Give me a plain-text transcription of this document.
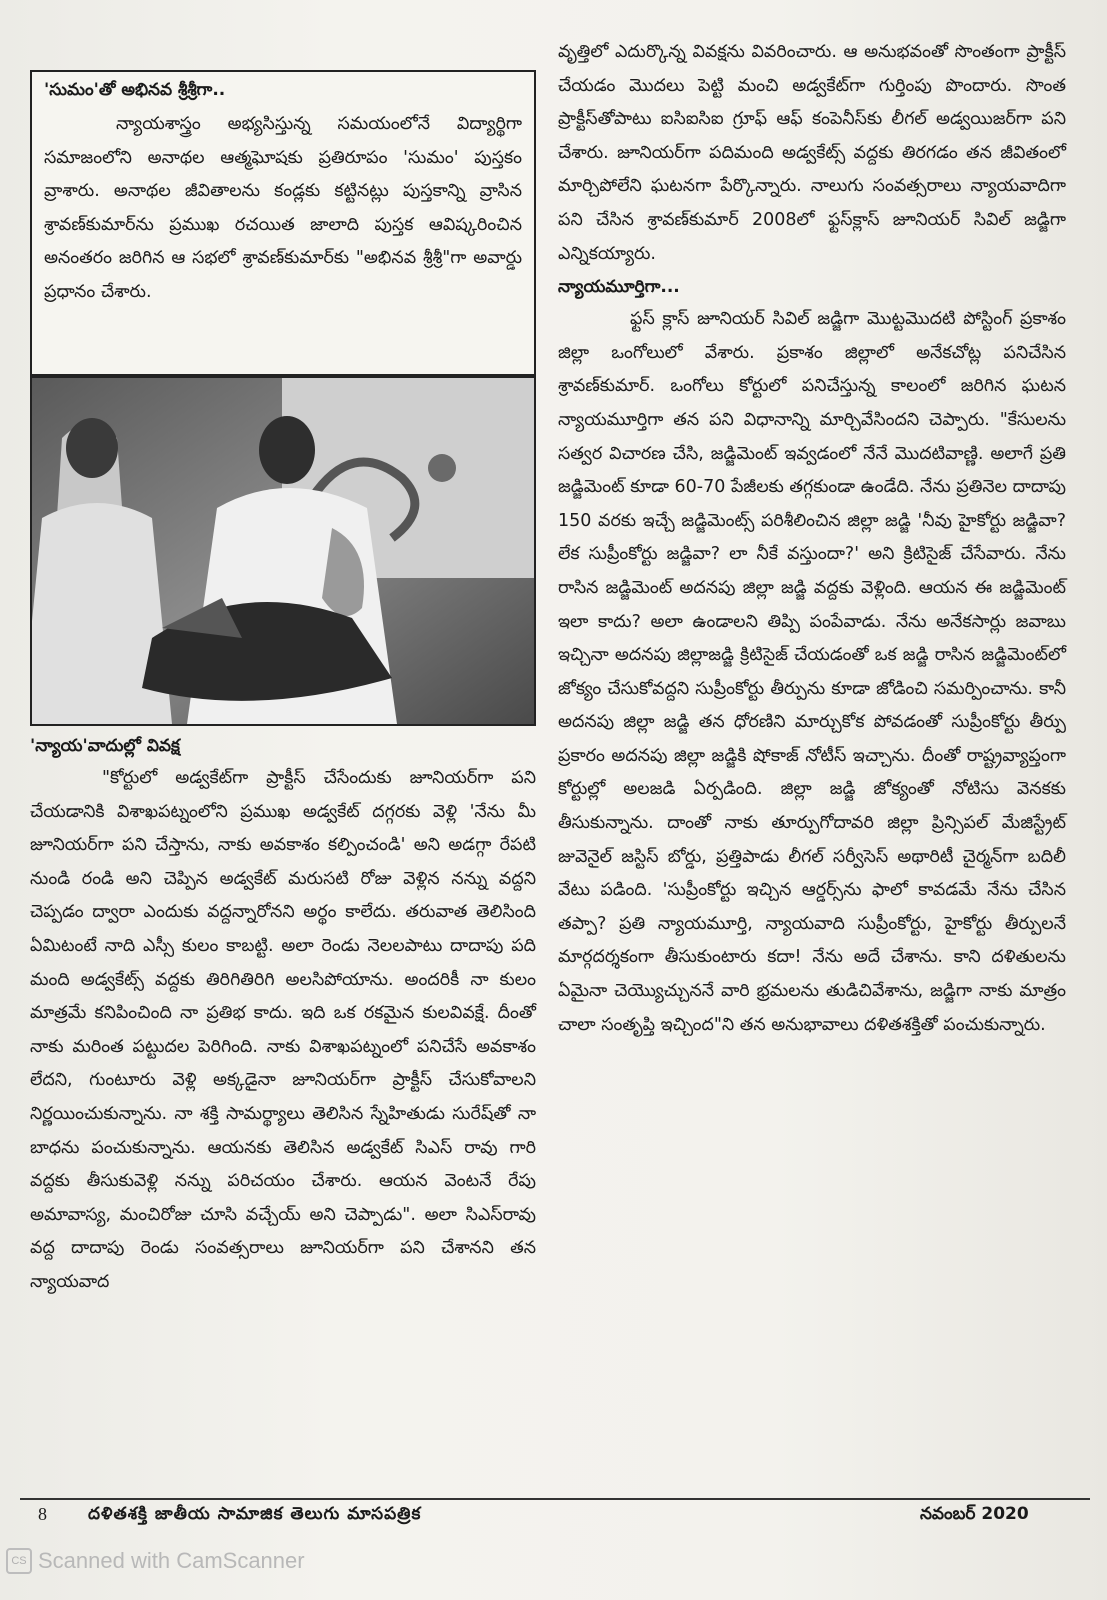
'సుమం'తో అభినవ శ్రీశ్రీగా..

న్యాయశాస్త్రం అభ్యసిస్తున్న సమయంలోనే విద్యార్థిగా సమాజంలోని అనాథల ఆత్మఘోషకు ప్రతిరూపం 'సుమం' పుస్తకం వ్రాశారు. అనాథల జీవితాలను కండ్లకు కట్టినట్లు పుస్తకాన్ని వ్రాసిన శ్రావణ్‌కుమార్‌ను ప్రముఖ రచయిత జాలాది పుస్తక ఆవిష్కరించిన అనంతరం జరిగిన ఆ సభలో శ్రావణ్‌కుమార్‌కు "అభినవ శ్రీశ్రీ"గా అవార్డు ప్రధానం చేశారు.

'న్యాయ'వాదుల్లో వివక్ష

"కోర్టులో అడ్వకేట్‌గా ప్రాక్టీస్ చేసేందుకు జూనియర్‌గా పని చేయడానికి విశాఖపట్నంలోని ప్రముఖ అడ్వకేట్ దగ్గరకు వెళ్లి 'నేను మీ జూనియర్‌గా పని చేస్తాను, నాకు అవకాశం కల్పించండి' అని అడగ్గా రేపటి నుండి రండి అని చెప్పిన అడ్వకేట్ మరుసటి రోజు వెళ్లిన నన్ను వద్దని చెప్పడం ద్వారా ఎందుకు వద్దన్నారోనని అర్థం కాలేదు. తరువాత తెలిసింది ఏమిటంటే నాది ఎస్సీ కులం కాబట్టి. అలా రెండు నెలలపాటు దాదాపు పది మంది అడ్వకేట్స్ వద్దకు తిరిగితిరిగి అలసిపోయాను. అందరికీ నా కులం మాత్రమే కనిపించింది నా ప్రతిభ కాదు. ఇది ఒక రకమైన కులవివక్షే. దీంతో నాకు మరింత పట్టుదల పెరిగింది. నాకు విశాఖపట్నంలో పనిచేసే అవకాశం లేదని, గుంటూరు వెళ్లి అక్కడైనా జూనియర్‌గా ప్రాక్టీస్ చేసుకోవాలని నిర్ణయించుకున్నాను. నా శక్తి సామర్థ్యాలు తెలిసిన స్నేహితుడు సురేష్‌తో నా బాధను పంచుకున్నాను. ఆయనకు తెలిసిన అడ్వకేట్ సిఎస్ రావు గారి వద్దకు తీసుకువెళ్లి నన్ను పరిచయం చేశారు. ఆయన వెంటనే రేపు అమావాస్య, మంచిరోజు చూసి వచ్చేయ్ అని చెప్పాడు". అలా సిఎస్‌రావు వద్ద దాదాపు రెండు సంవత్సరాలు జూనియర్‌గా పని చేశానని తన న్యాయవాద

వృత్తిలో ఎదుర్కొన్న వివక్షను వివరించారు. ఆ అనుభవంతో సొంతంగా ప్రాక్టీస్ చేయడం మొదలు పెట్టి మంచి అడ్వకేట్‌గా గుర్తింపు పొందారు. సొంత ప్రాక్టీస్‌తోపాటు ఐసిఐసిఐ గ్రూఫ్ ఆఫ్ కంపెనీస్‌కు లీగల్ అడ్వయిజర్‌గా పని చేశారు. జూనియర్‌గా పదిమంది అడ్వకేట్స్ వద్దకు తిరగడం తన జీవితంలో మార్చిపోలేని ఘటనగా పేర్కొన్నారు. నాలుగు సంవత్సరాలు న్యాయవాదిగా పని చేసిన శ్రావణ్‌కుమార్ 2008లో ఫ్టస్‌క్లాస్ జూనియర్ సివిల్ జడ్జిగా ఎన్నికయ్యారు.

న్యాయమూర్తిగా...

ఫ్టస్ క్లాస్ జూనియర్ సివిల్ జడ్జిగా మొట్టమొదటి పోస్టింగ్ ప్రకాశం జిల్లా ఒంగోలులో వేశారు. ప్రకాశం జిల్లాలో అనేకచోట్ల పనిచేసిన శ్రావణ్‌కుమార్. ఒంగోలు కోర్టులో పనిచేస్తున్న కాలంలో జరిగిన ఘటన న్యాయమూర్తిగా తన పని విధానాన్ని మార్చివేసిందని చెప్పారు. "కేసులను సత్వర విచారణ చేసి, జడ్జిమెంట్ ఇవ్వడంలో నేనే మొదటివాణ్ణి. అలాగే ప్రతి జడ్జిమెంట్ కూడా 60-70 పేజీలకు తగ్గకుండా ఉండేది. నేను ప్రతినెల దాదాపు 150 వరకు ఇచ్చే జడ్జిమెంట్స్ పరిశీలించిన జిల్లా జడ్జి 'నీవు హైకోర్టు జడ్జివా? లేక సుప్రీంకోర్టు జడ్జివా? లా నీకే వస్తుందా?' అని క్రిటిసైజ్ చేసేవారు. నేను రాసిన జడ్జిమెంట్ అదనపు జిల్లా జడ్జి వద్దకు వెళ్లింది. ఆయన ఈ జడ్జిమెంట్ ఇలా కాదు? అలా ఉండాలని తిప్పి పంపేవాడు. నేను అనేకసార్లు జవాబు ఇచ్చినా అదనపు జిల్లాజడ్జి క్రిటిసైజ్ చేయడంతో ఒక జడ్జి రాసిన జడ్జిమెంట్‌లో జోక్యం చేసుకోవద్దని సుప్రీంకోర్టు తీర్పును కూడా జోడించి సమర్పించాను. కానీ అదనపు జిల్లా జడ్జి తన ధోరణిని మార్చుకోక పోవడంతో సుప్రీంకోర్టు తీర్పు ప్రకారం అదనపు జిల్లా జడ్జికి షోకాజ్ నోటీస్ ఇచ్చాను. దీంతో రాష్ట్రవ్యాప్తంగా కోర్టుల్లో అలజడి ఏర్పడింది. జిల్లా జడ్జి జోక్యంతో నోటిసు వెనకకు తీసుకున్నాను. దాంతో నాకు తూర్పుగోదావరి జిల్లా ప్రిన్సిపల్ మేజిస్ట్రేట్ జువెనైల్ జస్టిస్ బోర్డు, ప్రత్తిపాడు లీగల్ సర్వీసెస్ అథారిటీ చైర్మన్‌గా బదిలీ వేటు పడింది. 'సుప్రీంకోర్టు ఇచ్చిన ఆర్డర్స్‌ను ఫాలో కావడమే నేను చేసిన తప్పా? ప్రతి న్యాయమూర్తి, న్యాయవాది సుప్రీంకోర్టు, హైకోర్టు తీర్పులనే మార్గదర్శకంగా తీసుకుంటారు కదా! నేను అదే చేశాను. కాని దళితులను ఏమైనా చెయ్యొచ్చుననే వారి భ్రమలను తుడిచివేశాను, జడ్జిగా నాకు మాత్రం చాలా సంతృప్తి ఇచ్చింద"ని తన అనుభావాలు దళితశక్తితో పంచుకున్నారు.

8 దళితశక్తి జాతీయ సామాజిక తెలుగు మాసపత్రిక	నవంబర్ 2020
CS Scanned with CamScanner
